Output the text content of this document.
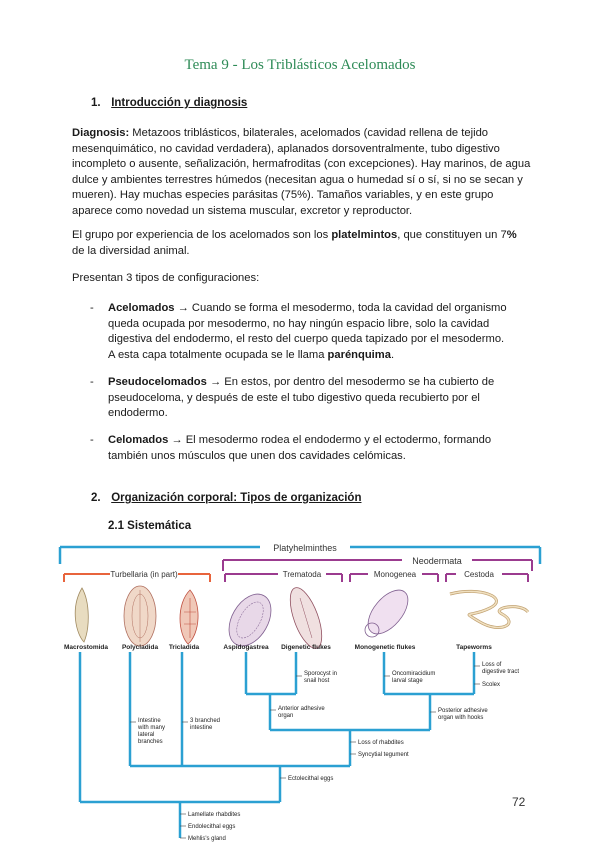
Tema 9 - Los Triblásticos Acelomados
1. Introducción y diagnosis
Diagnosis: Metazoos triblásticos, bilaterales, acelomados (cavidad rellena de tejido
mesenquimático, no cavidad verdadera), aplanados dorsoventralmente, tubo digestivo
incompleto o ausente, señalización, hermafroditas (con excepciones). Hay marinos, de agua
dulce y ambientes terrestres húmedos (necesitan agua o humedad sí o sí, si no se secan y
mueren). Hay muchas especies parásitas (75%). Tamaños variables, y en este grupo
aparece como novedad un sistema muscular, excretor y reproductor.
El grupo por experiencia de los acelomados son los platelmintos, que constituyen un 7%
de la diversidad animal.
Presentan 3 tipos de configuraciones:
- Acelomados → Cuando se forma el mesodermo, toda la cavidad del organismo
queda ocupada por mesodermo, no hay ningún espacio libre, solo la cavidad
digestiva del endodermo, el resto del cuerpo queda tapizado por el mesodermo.
A esta capa totalmente ocupada se le llama parénquima.
- Pseudocelomados → En estos, por dentro del mesodermo se ha cubierto de
pseudoceloma, y después de este el tubo digestivo queda recubierto por el
endodermo.
- Celomados → El mesodermo rodea el endodermo y el ectodermo, formando
también unos músculos que unen dos cavidades celómicas.
2. Organización corporal: Tipos de organización
2.1 Sistemática
Platyhelminthes
Neodermata
Turbellaria (in part)	Trematoda	Monogenea	Cestoda
Macrostomida Polycladida Tricladida	Aspidogastrea Digenetic flukes	Monogenetic flukes	Tapeworms
Sporocyst in
snail host
Oncomiracidium
larval stage
Loss of
digestive tract
Scolex
Intestine
with many
lateral
branches
3 branched
intestine
Anterior adhesive
organ
Posterior adhesive
organ with hooks
Loss of rhabdites
Syncytial tegument
Ectolecithal eggs
Lamellate rhabdites
Endolecithal eggs
Mehlis's gland
72
